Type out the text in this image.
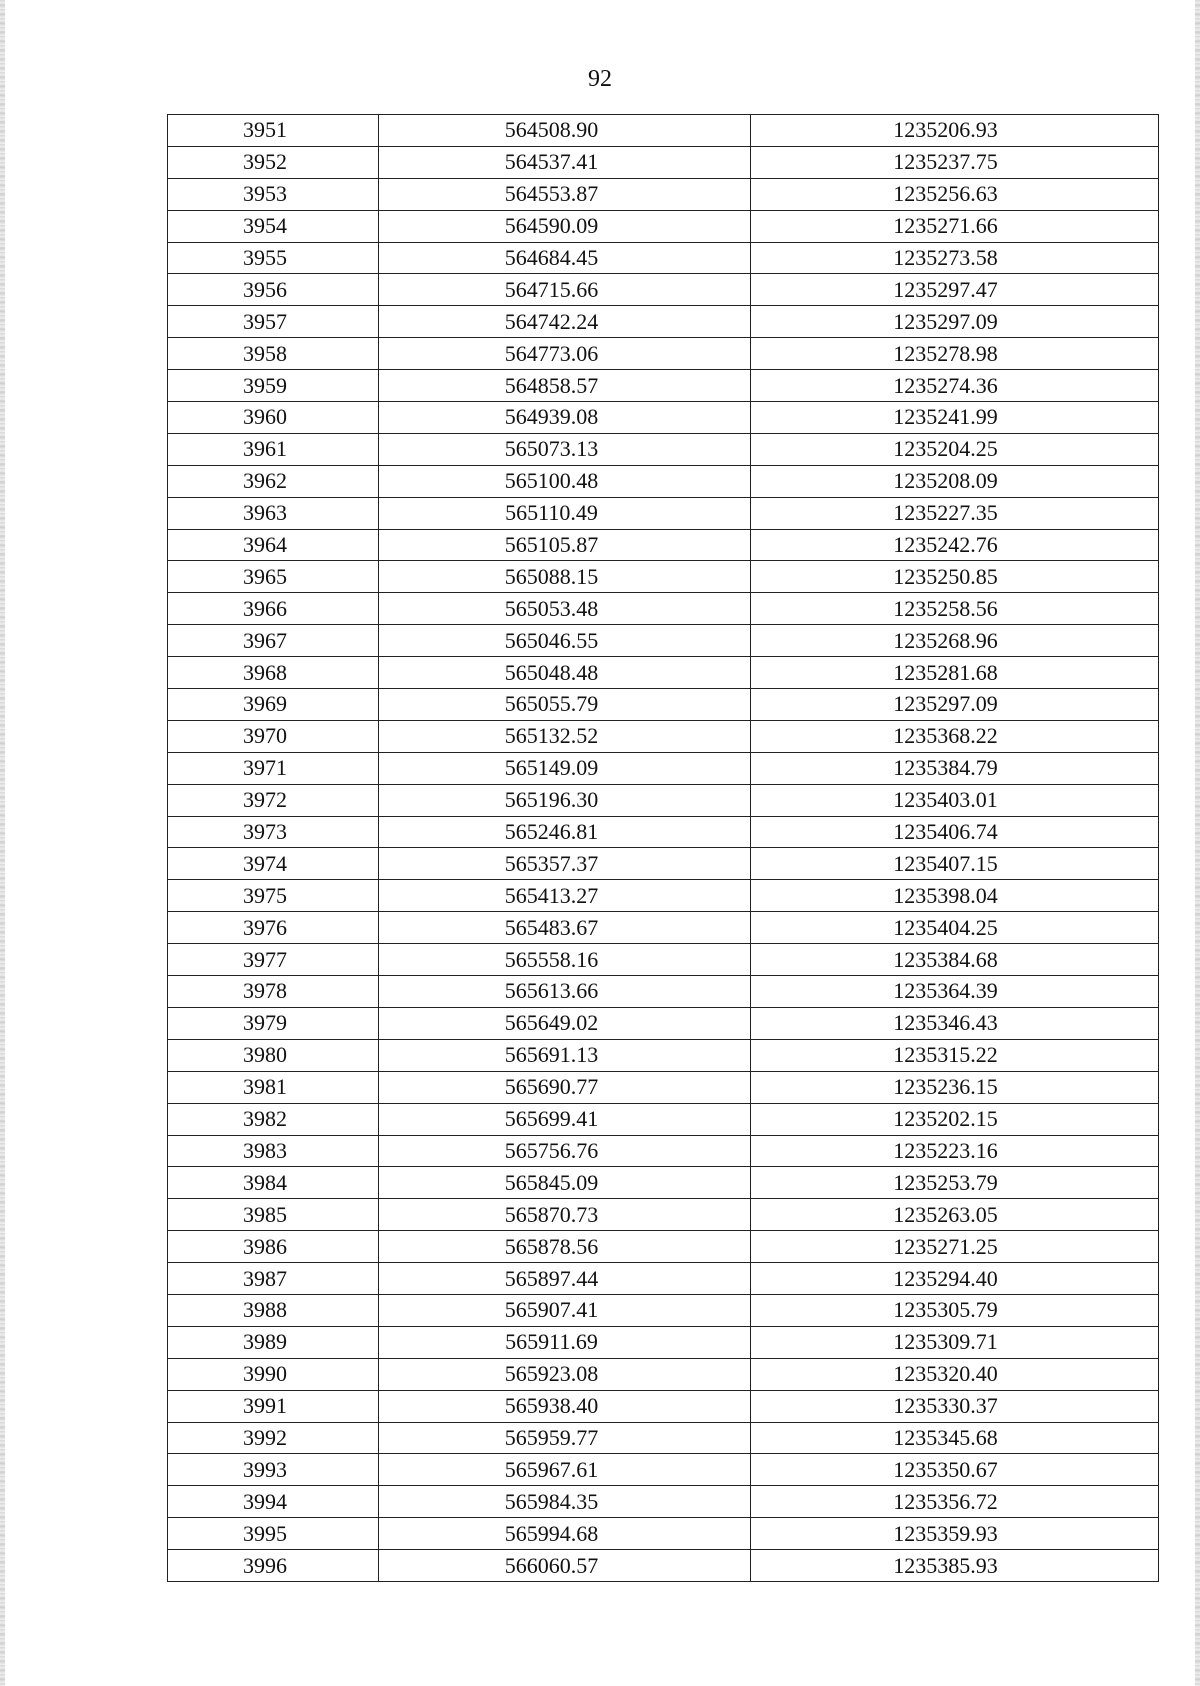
92
3951	564508.90	1235206.93
3952	564537.41	1235237.75
3953	564553.87	1235256.63
3954	564590.09	1235271.66
3955	564684.45	1235273.58
3956	564715.66	1235297.47
3957	564742.24	1235297.09
3958	564773.06	1235278.98
3959	564858.57	1235274.36
3960	564939.08	1235241.99
3961	565073.13	1235204.25
3962	565100.48	1235208.09
3963	565110.49	1235227.35
3964	565105.87	1235242.76
3965	565088.15	1235250.85
3966	565053.48	1235258.56
3967	565046.55	1235268.96
3968	565048.48	1235281.68
3969	565055.79	1235297.09
3970	565132.52	1235368.22
3971	565149.09	1235384.79
3972	565196.30	1235403.01
3973	565246.81	1235406.74
3974	565357.37	1235407.15
3975	565413.27	1235398.04
3976	565483.67	1235404.25
3977	565558.16	1235384.68
3978	565613.66	1235364.39
3979	565649.02	1235346.43
3980	565691.13	1235315.22
3981	565690.77	1235236.15
3982	565699.41	1235202.15
3983	565756.76	1235223.16
3984	565845.09	1235253.79
3985	565870.73	1235263.05
3986	565878.56	1235271.25
3987	565897.44	1235294.40
3988	565907.41	1235305.79
3989	565911.69	1235309.71
3990	565923.08	1235320.40
3991	565938.40	1235330.37
3992	565959.77	1235345.68
3993	565967.61	1235350.67
3994	565984.35	1235356.72
3995	565994.68	1235359.93
3996	566060.57	1235385.93
